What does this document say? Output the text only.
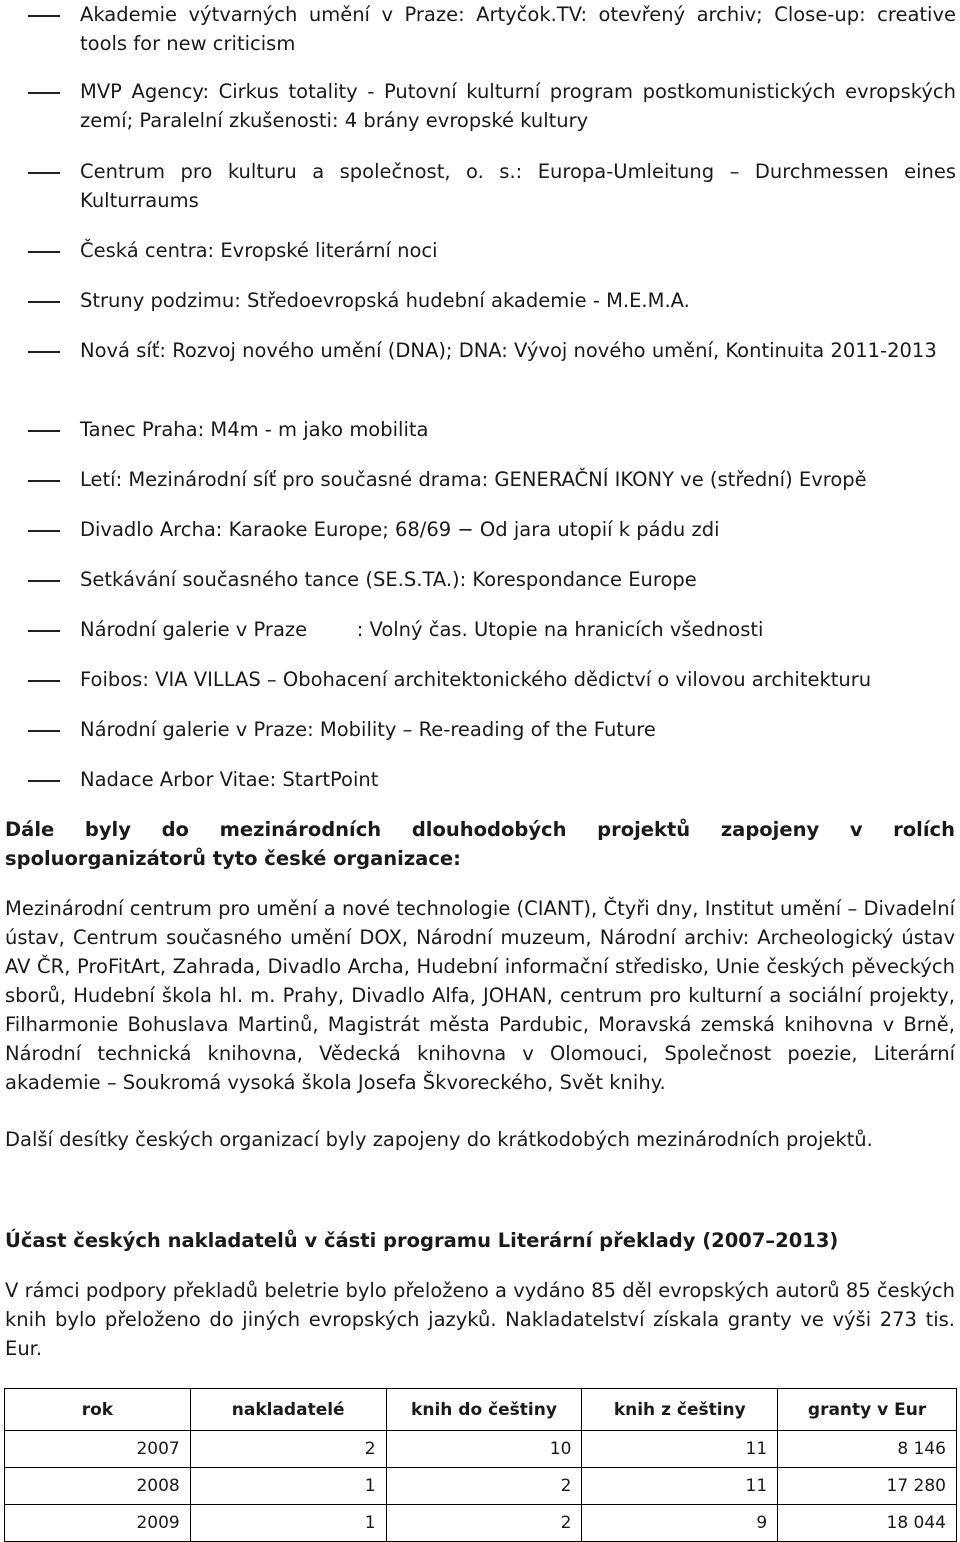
Akademie výtvarných umění v Praze: Artyčok.TV: otevřený archiv; Close-up: creative tools for new criticism

MVP Agency: Cirkus totality - Putovní kulturní program postkomunistických evropských zemí; Paralelní zkušenosti: 4 brány evropské kultury

Centrum pro kulturu a společnost, o. s.: Europa-Umleitung – Durchmessen eines Kulturraums

Česká centra: Evropské literární noci

Struny podzimu: Středoevropská hudební akademie - M.E.M.A.

Nová síť: Rozvoj nového umění (DNA); DNA: Vývoj nového umění, Kontinuita 2011-2013

Tanec Praha: M4m - m jako mobilita

Letí: Mezinárodní síť pro současné drama: GENERAČNÍ IKONY ve (střední) Evropě

Divadlo Archa: Karaoke Europe; 68/69 − Od jara utopií k pádu zdi

Setkávání současného tance (SE.S.TA.): Korespondance Europe

Národní galerie v Praze        : Volný čas. Utopie na hranicích všednosti

Foibos: VIA VILLAS – Obohacení architektonického dědictví o vilovou architekturu

Národní galerie v Praze: Mobility – Re-reading of the Future

Nadace Arbor Vitae: StartPoint

Dále byly do mezinárodních dlouhodobých projektů zapojeny v rolích spoluorganizátorů tyto české organizace:

Mezinárodní centrum pro umění a nové technologie (CIANT), Čtyři dny, Institut umění – Divadelní ústav, Centrum současného umění DOX, Národní muzeum, Národní archiv: Archeologický ústav AV ČR, ProFitArt, Zahrada, Divadlo Archa, Hudební informační středisko, Unie českých pěveckých sborů, Hudební škola hl. m. Prahy, Divadlo Alfa, JOHAN, centrum pro kulturní a sociální projekty, Filharmonie Bohuslava Martinů, Magistrát města Pardubic, Moravská zemská knihovna v Brně, Národní technická knihovna, Vědecká knihovna v Olomouci, Společnost poezie, Literární akademie – Soukromá vysoká škola Josefa Škvoreckého, Svět knihy.

Další desítky českých organizací byly zapojeny do krátkodobých mezinárodních projektů.

Účast českých nakladatelů v části programu Literární překlady (2007–2013)

V rámci podpory překladů beletrie bylo přeloženo a vydáno 85 děl evropských autorů 85 českých knih bylo přeloženo do jiných evropských jazyků. Nakladatelství získala granty ve výši 273 tis. Eur.

rok	nakladatelé	knih do češtiny	knih z češtiny	granty v Eur
2007	2	10	11	8 146
2008	1	2	11	17 280
2009	1	2	9	18 044
